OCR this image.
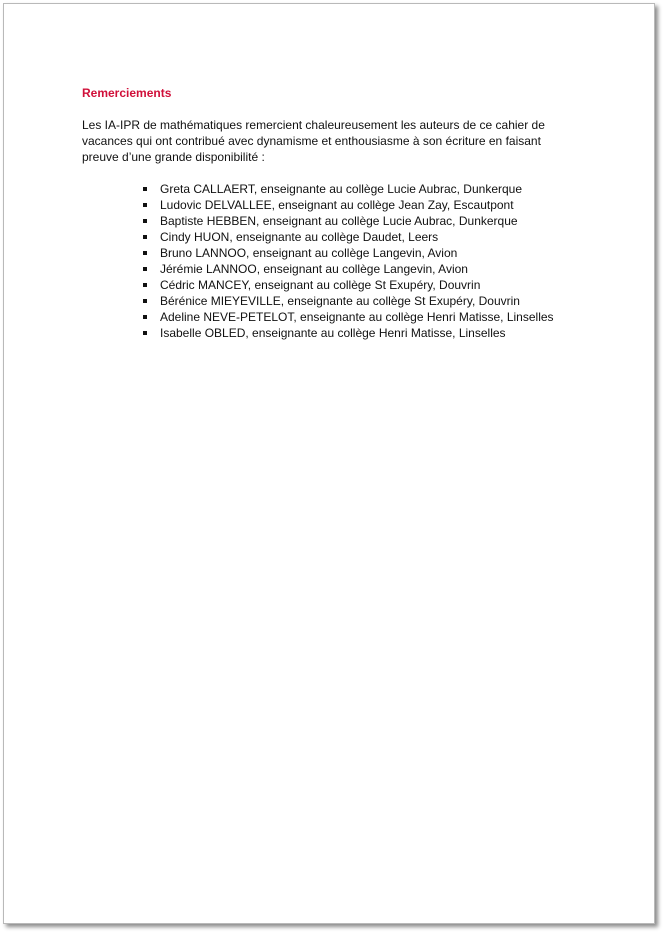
Remerciements

Les IA-IPR de mathématiques remercient chaleureusement les auteurs de ce cahier de
vacances qui ont contribué avec dynamisme et enthousiasme à son écriture en faisant
preuve d’une grande disponibilité :

Greta CALLAERT, enseignante au collège Lucie Aubrac, Dunkerque
Ludovic DELVALLEE, enseignant au collège Jean Zay, Escautpont
Baptiste HEBBEN, enseignant au collège Lucie Aubrac, Dunkerque
Cindy HUON, enseignante au collège Daudet, Leers
Bruno LANNOO, enseignant au collège Langevin, Avion
Jérémie LANNOO, enseignant au collège Langevin, Avion
Cédric MANCEY, enseignant au collège St Exupéry, Douvrin
Bérénice MIEYEVILLE, enseignante au collège St Exupéry, Douvrin
Adeline NEVE-PETELOT, enseignante au collège Henri Matisse, Linselles
Isabelle OBLED, enseignante au collège Henri Matisse, Linselles
